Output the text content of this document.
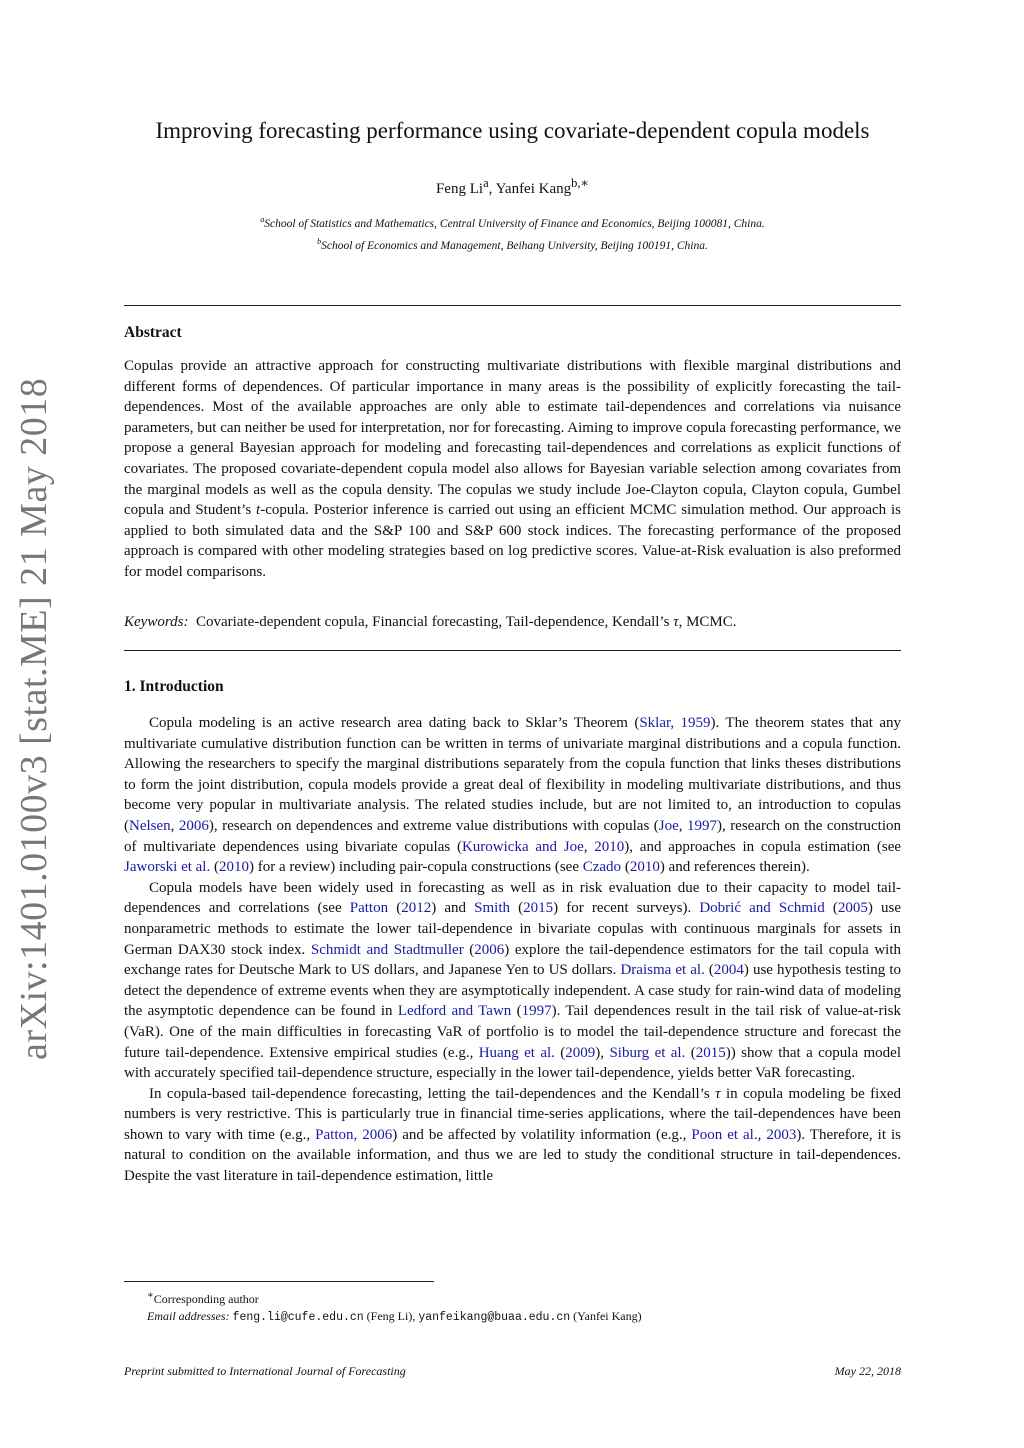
arXiv:1401.0100v3 [stat.ME] 21 May 2018
Improving forecasting performance using covariate-dependent copula models
Feng Li$^a$, Yanfei Kang$^{b,∗}$
$^a$School of Statistics and Mathematics, Central University of Finance and Economics, Beijing 100081, China.
$^b$School of Economics and Management, Beihang University, Beijing 100191, China.
Abstract
Copulas provide an attractive approach for constructing multivariate distributions with flexible marginal distributions and different forms of dependences. Of particular importance in many areas is the possibility of explicitly forecasting the tail-dependences. Most of the available approaches are only able to estimate tail-dependences and correlations via nuisance parameters, but can neither be used for interpretation, nor for forecasting. Aiming to improve copula forecasting performance, we propose a general Bayesian approach for modeling and forecasting tail-dependences and correlations as explicit functions of covariates. The proposed covariate-dependent copula model also allows for Bayesian variable selection among covariates from the marginal models as well as the copula density. The copulas we study include Joe-Clayton copula, Clayton copula, Gumbel copula and Student’s t-copula. Posterior inference is carried out using an efficient MCMC simulation method. Our approach is applied to both simulated data and the S&P 100 and S&P 600 stock indices. The forecasting performance of the proposed approach is compared with other modeling strategies based on log predictive scores. Value-at-Risk evaluation is also preformed for model comparisons.
Keywords: Covariate-dependent copula, Financial forecasting, Tail-dependence, Kendall’s τ, MCMC.
1. Introduction

Copula modeling is an active research area dating back to Sklar’s Theorem (Sklar, 1959). The theorem states that any multivariate cumulative distribution function can be written in terms of univariate marginal distributions and a copula function. Allowing the researchers to specify the marginal distributions separately from the copula function that links theses distributions to form the joint distribution, copula models provide a great deal of flexibility in modeling multivariate distributions, and thus become very popular in multivariate analysis. The related studies include, but are not limited to, an introduction to copulas (Nelsen, 2006), research on dependences and extreme value distributions with copulas (Joe, 1997), research on the construction of multivariate dependences using bivariate copulas (Kurowicka and Joe, 2010), and approaches in copula estimation (see Jaworski et al. (2010) for a review) including pair-copula constructions (see Czado (2010) and references therein).

Copula models have been widely used in forecasting as well as in risk evaluation due to their capacity to model tail-dependences and correlations (see Patton (2012) and Smith (2015) for recent surveys). Dobrić and Schmid (2005) use nonparametric methods to estimate the lower tail-dependence in bivariate copulas with continuous marginals for assets in German DAX30 stock index. Schmidt and Stadtmuller (2006) explore the tail-dependence estimators for the tail copula with exchange rates for Deutsche Mark to US dollars, and Japanese Yen to US dollars. Draisma et al. (2004) use hypothesis testing to detect the dependence of extreme events when they are asymptotically independent. A case study for rain-wind data of modeling the asymptotic dependence can be found in Ledford and Tawn (1997). Tail dependences result in the tail risk of value-at-risk (VaR). One of the main difficulties in forecasting VaR of portfolio is to model the tail-dependence structure and forecast the future tail-dependence. Extensive empirical studies (e.g., Huang et al. (2009), Siburg et al. (2015)) show that a copula model with accurately specified tail-dependence structure, especially in the lower tail-dependence, yields better VaR forecasting.

In copula-based tail-dependence forecasting, letting the tail-dependences and the Kendall’s τ in copula modeling be fixed numbers is very restrictive. This is particularly true in financial time-series applications, where the tail-dependences have been shown to vary with time (e.g., Patton, 2006) and be affected by volatility information (e.g., Poon et al., 2003). Therefore, it is natural to condition on the available information, and thus we are led to study the conditional structure in tail-dependences. Despite the vast literature in tail-dependence estimation, little

∗Corresponding author
Email addresses: feng.li@cufe.edu.cn (Feng Li), yanfeikang@buaa.edu.cn (Yanfei Kang)
Preprint submitted to International Journal of Forecasting	May 22, 2018
